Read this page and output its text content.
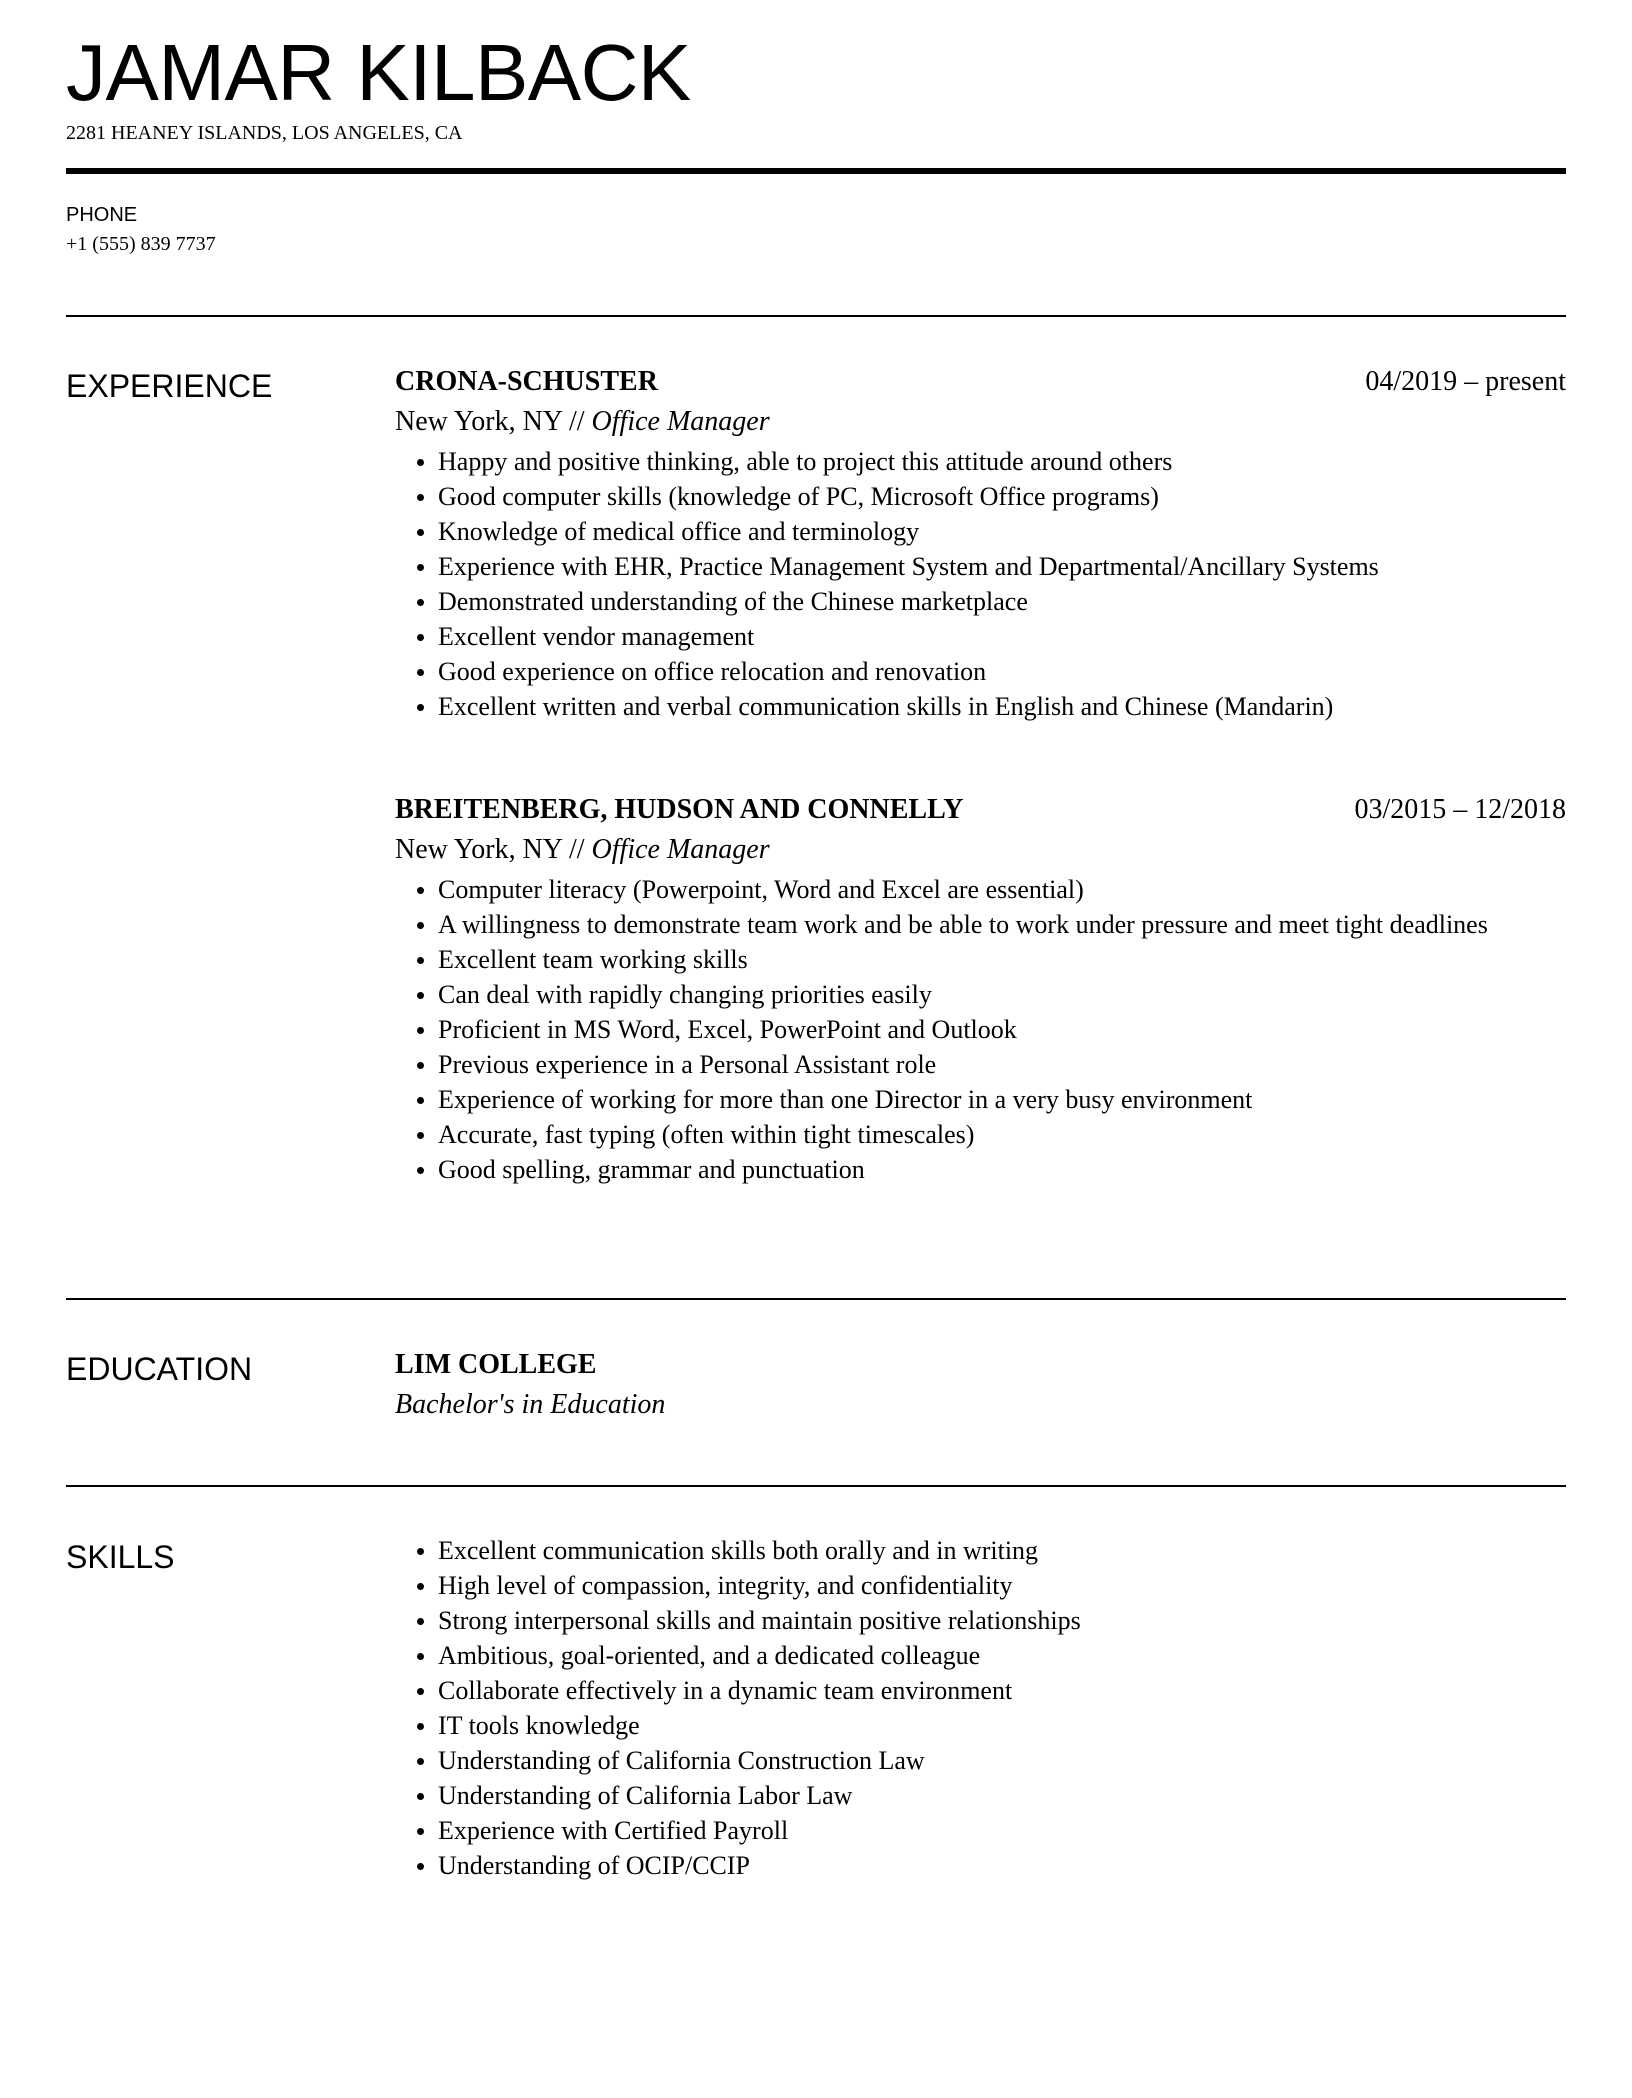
JAMAR KILBACK
2281 HEANEY ISLANDS, LOS ANGELES, CA
PHONE
+1 (555) 839 7737
EXPERIENCE	CRONA-SCHUSTER	04/2019 – present
New York, NY // Office Manager
Happy and positive thinking, able to project this attitude around others
Good computer skills (knowledge of PC, Microsoft Office programs)
Knowledge of medical office and terminology
Experience with EHR, Practice Management System and Departmental/Ancillary Systems
Demonstrated understanding of the Chinese marketplace
Excellent vendor management
Good experience on office relocation and renovation
Excellent written and verbal communication skills in English and Chinese (Mandarin)
BREITENBERG, HUDSON AND CONNELLY	03/2015 – 12/2018
New York, NY // Office Manager
Computer literacy (Powerpoint, Word and Excel are essential)
A willingness to demonstrate team work and be able to work under pressure and meet tight deadlines
Excellent team working skills
Can deal with rapidly changing priorities easily
Proficient in MS Word, Excel, PowerPoint and Outlook
Previous experience in a Personal Assistant role
Experience of working for more than one Director in a very busy environment
Accurate, fast typing (often within tight timescales)
Good spelling, grammar and punctuation
EDUCATION	LIM COLLEGE
Bachelor's in Education
SKILLS	Excellent communication skills both orally and in writing
High level of compassion, integrity, and confidentiality
Strong interpersonal skills and maintain positive relationships
Ambitious, goal-oriented, and a dedicated colleague
Collaborate effectively in a dynamic team environment
IT tools knowledge
Understanding of California Construction Law
Understanding of California Labor Law
Experience with Certified Payroll
Understanding of OCIP/CCIP
